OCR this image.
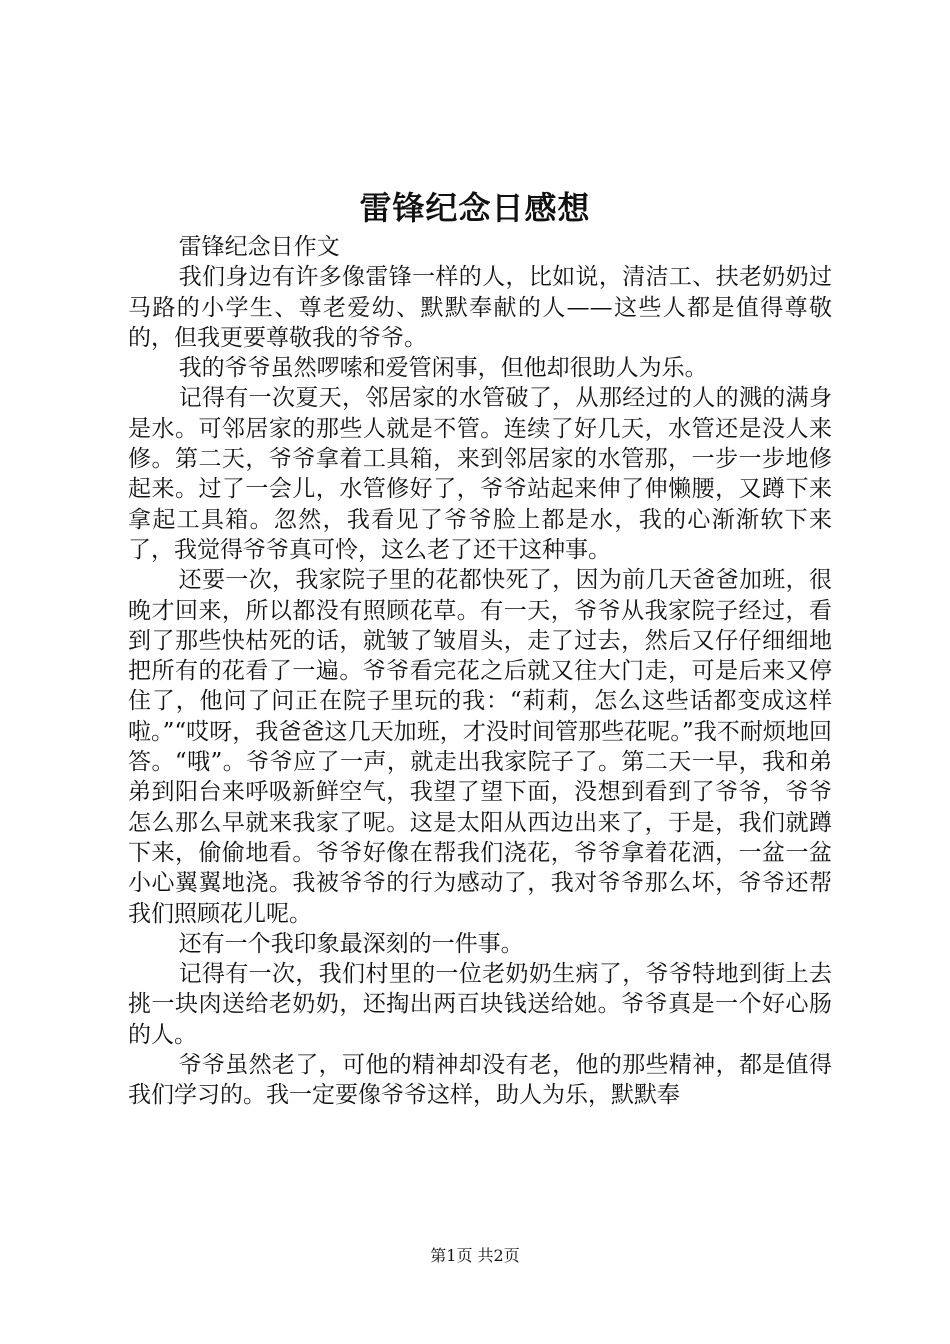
雷锋纪念日感想

雷锋纪念日作文

我们身边有许多像雷锋一样的人，比如说，清洁工、扶老奶奶过马路的小学生、尊老爱幼、默默奉献的人——这些人都是值得尊敬的，但我更要尊敬我的爷爷。

我的爷爷虽然啰嗦和爱管闲事，但他却很助人为乐。

记得有一次夏天，邻居家的水管破了，从那经过的人的溅的满身是水。可邻居家的那些人就是不管。连续了好几天，水管还是没人来修。第二天，爷爷拿着工具箱，来到邻居家的水管那，一步一步地修起来。过了一会儿，水管修好了，爷爷站起来伸了伸懒腰，又蹲下来拿起工具箱。忽然，我看见了爷爷脸上都是水，我的心渐渐软下来了，我觉得爷爷真可怜，这么老了还干这种事。

还要一次，我家院子里的花都快死了，因为前几天爸爸加班，很晚才回来，所以都没有照顾花草。有一天，爷爷从我家院子经过，看到了那些快枯死的话，就皱了皱眉头，走了过去，然后又仔仔细细地把所有的花看了一遍。爷爷看完花之后就又往大门走，可是后来又停住了，他问了问正在院子里玩的我：“莉莉，怎么这些话都变成这样啦。”“哎呀，我爸爸这几天加班，才没时间管那些花呢。”我不耐烦地回答。“哦”。爷爷应了一声，就走出我家院子了。第二天一早，我和弟弟到阳台来呼吸新鲜空气，我望了望下面，没想到看到了爷爷，爷爷怎么那么早就来我家了呢。这是太阳从西边出来了，于是，我们就蹲下来，偷偷地看。爷爷好像在帮我们浇花，爷爷拿着花洒，一盆一盆小心翼翼地浇。我被爷爷的行为感动了，我对爷爷那么坏，爷爷还帮我们照顾花儿呢。

还有一个我印象最深刻的一件事。

记得有一次，我们村里的一位老奶奶生病了，爷爷特地到街上去挑一块肉送给老奶奶，还掏出两百块钱送给她。爷爷真是一个好心肠的人。

爷爷虽然老了，可他的精神却没有老，他的那些精神，都是值得我们学习的。我一定要像爷爷这样，助人为乐，默默奉

第1页 共2页
